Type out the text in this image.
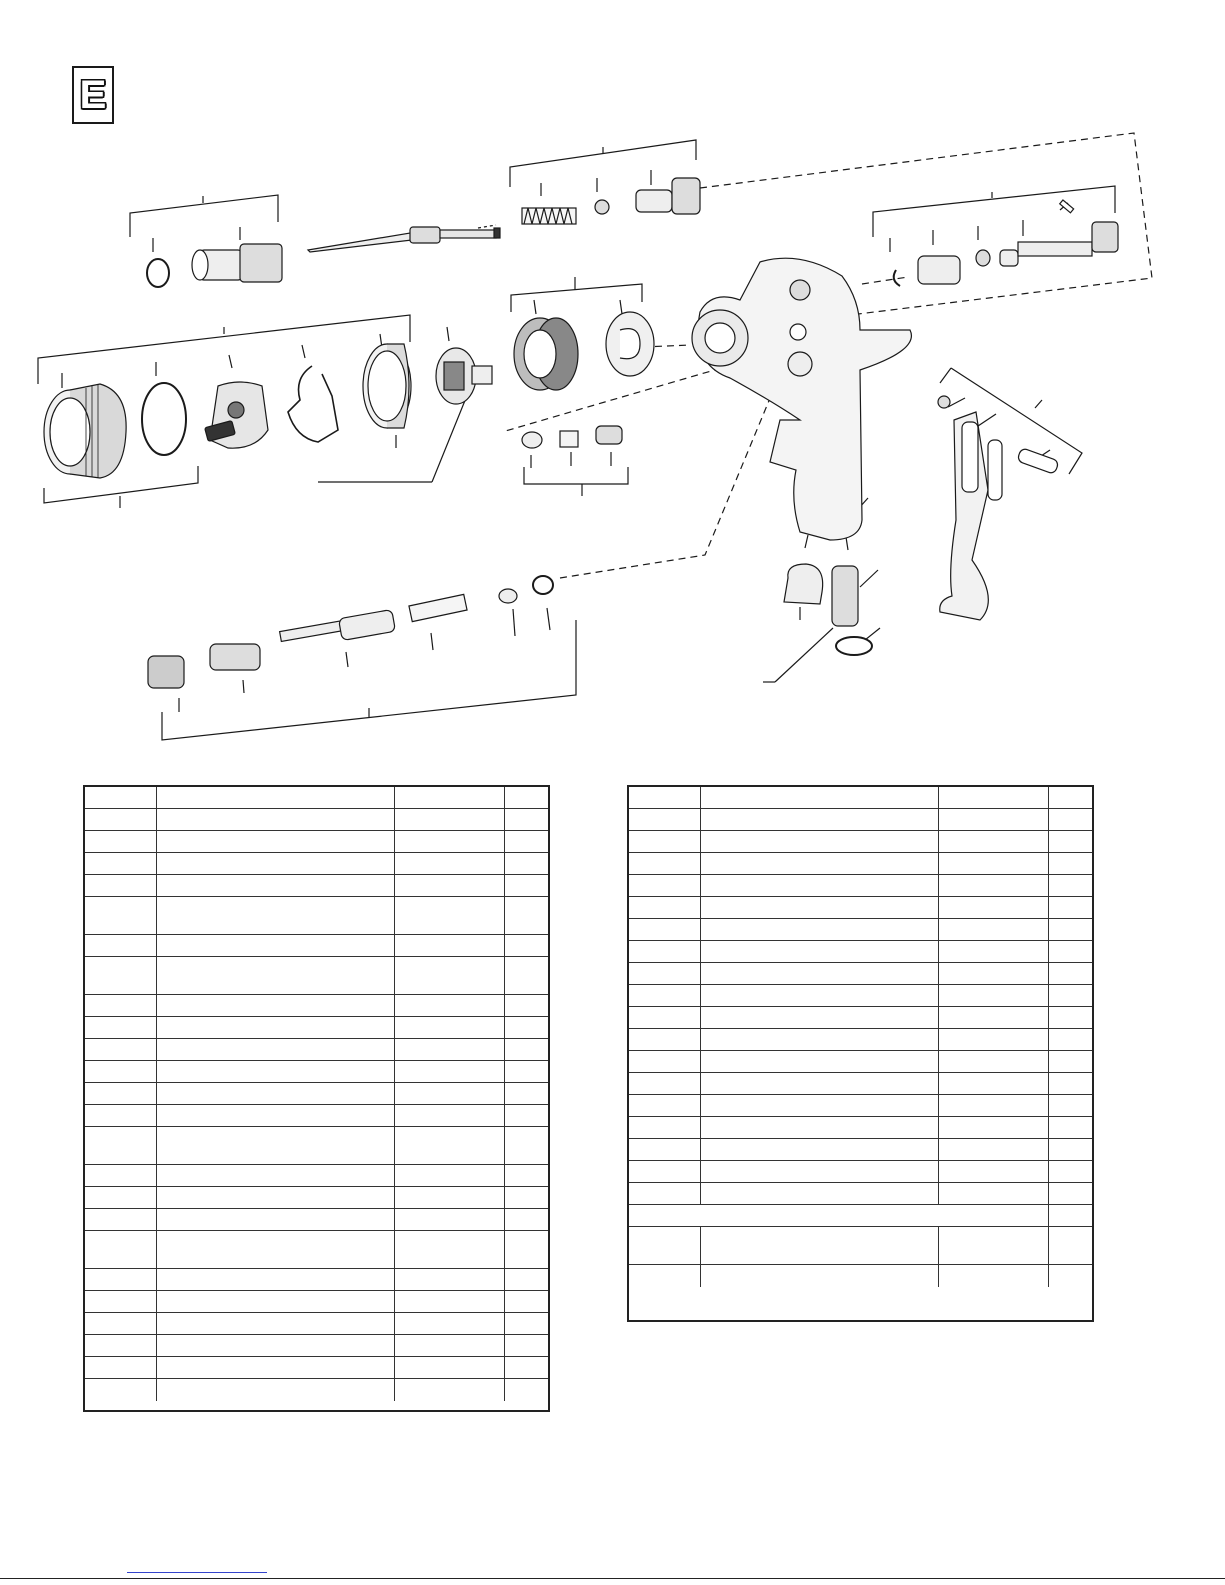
E
